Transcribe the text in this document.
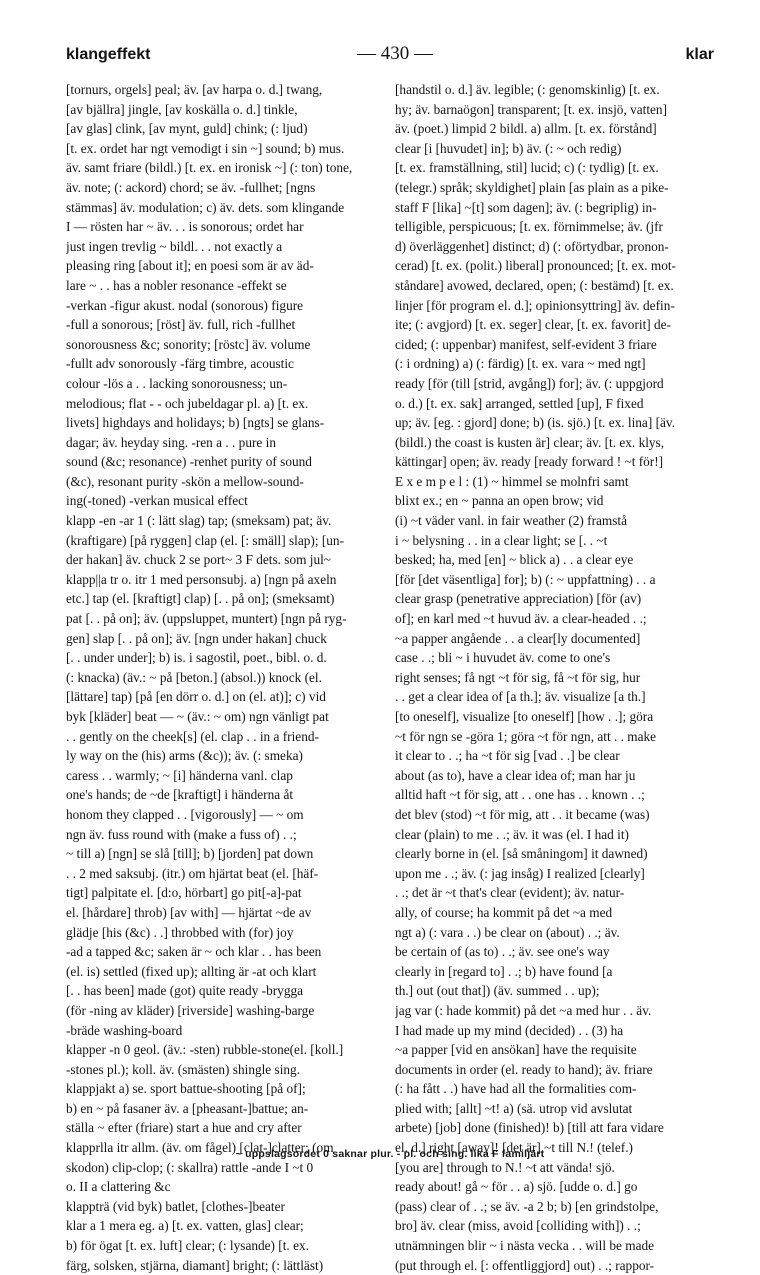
klangeffekt	— 430 —	klar
[tornurs, orgels] peal; äv. [av harpa o. d.] twang,
[av bjällra] jingle, [av koskälla o. d.] tinkle,
[av glas] clink, [av mynt, guld] chink; (: ljud)
[t. ex. ordet har ngt vemodigt i sin ~] sound; b) mus.
äv. samt friare (bildl.) [t. ex. en ironisk ~] (: ton) tone,
äv. note; (: ackord) chord; se äv. -fullhet; [ngns
stämmas] äv. modulation; c) äv. dets. som klingande
I — rösten har ~ äv. . . is sonorous; ordet har
just ingen trevlig ~ bildl. . . not exactly a
pleasing ring [about it]; en poesi som är av äd-
lare ~ . . has a nobler resonance -effekt se
-verkan -figur akust. nodal (sonorous) figure
-full a sonorous; [röst] äv. full, rich -fullhet
sonorousness &c; sonority; [röstс] äv. volume
-fullt adv sonorously -färg timbre, acoustic
colour -lös a . . lacking sonorousness; un-
melodious; flat - - och jubeldagar pl. a) [t. ex.
livets] highdays and holidays; b) [ngts] se glans-
dagar; äv. heyday sing. -ren a . . pure in
sound (&c; resonance) -renhet purity of sound
(&c), resonant purity -skön a mellow-sound-
ing(-toned) -verkan musical effect
klapp -en -ar 1 (: lätt slag) tap; (smeksam) pat; äv.
(kraftigare) [på ryggen] clap (el. [: smäll] slap); [un-
der hakan] äv. chuck 2 se port~ 3 F dets. som jul~
klapp||a tr o. itr 1 med personsubj. a) [ngn på axeln
etc.] tap (el. [kraftigt] clap) [. . på on]; (smeksamt)
pat [. . på on]; äv. (uppsluppet, muntert) [ngn på ryg-
gen] slap [. . på on]; äv. [ngn under hakan] chuck
[. . under under]; b) is. i sagostil, poet., bibl. o. d.
(: knacka) (äv.: ~ på [beton.] (absol.)) knock (el.
[lättare] tap) [på [en dörr o. d.] on (el. at)]; c) vid
byk [kläder] beat — ~ (äv.: ~ om) ngn vänligt pat
. . gently on the cheek[s] (el. clap . . in a friend-
ly way on the (his) arms (&c)); äv. (: smeka)
caress . . warmly; ~ [i] händerna vanl. clap
one's hands; de ~de [kraftigt] i händerna åt
honom they clapped . . [vigorously] — ~ om
ngn äv. fuss round with (make a fuss of) . .;
~ till a) [ngn] se slå [till]; b) [jorden] pat down
. . 2 med saksubj. (itr.) om hjärtat beat (el. [häf-
tigt] palpitate el. [d:o, hörbart] go pit[-a]-pat
el. [hårdare] throb) [av with] — hjärtat ~de av
glädje [his (&c) . .] throbbed with (for) joy
-ad a tapped &c; saken är ~ och klar . . has been
(el. is) settled (fixed up); allting är -at och klart
[. . has been] made (got) quite ready -brygga
(för -ning av kläder) [riverside] washing-barge
-bräde washing-board
klapper -n 0 geol. (äv.: -sten) rubble-stone(el. [koll.]
-stones pl.); koll. äv. (smästen) shingle sing.
klappjakt a) se. sport battue-shooting [på of];
b) en ~ på fasaner äv. a [pheasant-]battue; an-
ställa ~ efter (friare) start a hue and cry after
klapprlla itr allm. (äv. om fågel) [clat-]clatter; (om
skodon) clip-clop; (: skallra) rattle -ande I ~t 0
o. II a clattering &c
klappträ (vid byk) batlet, [clothes-]beater
klar a 1 mera eg. a) [t. ex. vatten, glas] clear;
b) för ögat [t. ex. luft] clear; (: lysande) [t. ex.
färg, solsken, stjärna, diamant] bright; (: lättläst)
[handstil o. d.] äv. legible; (: genomskinlig) [t. ex.
hy; äv. barnaögon] transparent; [t. ex. insjö, vatten]
äv. (poet.) limpid 2 bildl. a) allm. [t. ex. förstånd]
clear [i [huvudet] in]; b) äv. (: ~ och redig)
[t. ex. framställning, stil] lucid; c) (: tydlig) [t. ex.
(telegr.) språk; skyldighet] plain [as plain as a pike-
staff F [lika] ~[t] som dagen]; äv. (: begriplig) in-
telligible, perspicuous; [t. ex. förnimmelse; äv. (jfr
d) överläggenhet] distinct; d) (: oförtydbar, pronon-
cerad) [t. ex. (polit.) liberal] pronounced; [t. ex. mot-
ståndare] avowed, declared, open; (: bestämd) [t. ex.
linjer [för program el. d.]; opinionsyttring] äv. defin-
ite; (: avgjord) [t. ex. seger] clear, [t. ex. favorit] de-
cided; (: uppenbar) manifest, self-evident 3 friare
(: i ordning) a) (: färdig) [t. ex. vara ~ med ngt]
ready [för (till [strid, avgång]) for]; äv. (: uppgjord
o. d.) [t. ex. sak] arranged, settled [up], F fixed
up; äv. [eg. : gjord] done; b) (is. sjö.) [t. ex. lina] [äv.
(bildl.) the coast is kusten är] clear; äv. [t. ex. klys,
kättingar] open; äv. ready [ready forward ! ~t för!]
E x e m p e l : (1) ~ himmel se molnfri samt
blixt ex.; en ~ panna an open brow; vid
(i) ~t väder vanl. in fair weather (2) framstå
i ~ belysning . . in a clear light; se [. . ~t
besked; ha, med [en] ~ blick a) . . a clear eye
[för [det väsentliga] for]; b) (: ~ uppfattning) . . a
clear grasp (penetrative appreciation) [för (av)
of]; en karl med ~t huvud äv. a clear-headed . .;
~a papper angående . . a clear[ly documented]
case . .; bli ~ i huvudet äv. come to one's
right senses; få ngt ~t för sig, få ~t för sig, hur
. . get a clear idea of [a th.]; äv. visualize [a th.]
[to oneself], visualize [to oneself] [how . .]; göra
~t för ngn se -göra 1; göra ~t för ngn, att . . make
it clear to . .; ha ~t för sig [vad . .] be clear
about (as to), have a clear idea of; man har ju
alltid haft ~t för sig, att . . one has . . known . .;
det blev (stod) ~t för mig, att . . it became (was)
clear (plain) to me . .; äv. it was (el. I had it)
clearly borne in (el. [så småningom] it dawned)
upon me . .; äv. (: jag insåg) I realized [clearly]
. .; det är ~t that's clear (evident); äv. natur-
ally, of course; ha kommit på det ~a med
ngt a) (: vara . .) be clear on (about) . .; äv.
be certain of (as to) . .; äv. see one's way
clearly in [regard to] . .; b) have found [a
th.] out (out that]) (äv. summed . . up);
jag var (: hade kommit) på det ~a med hur . . äv.
I had made up my mind (decided) . . (3) ha
~a papper [vid en ansökan] have the requisite
documents in order (el. ready to hand); äv. friare
(: ha fått . .) have had all the formalities com-
plied with; [allt] ~t! a) (sä. utrop vid avslutat
arbete) [job] done (finished)! b) [till att fara vidare
el. d.] right [away]! [det är] ~t till N.! (telef.)
[you are] through to N.! ~t att vända! sjö.
ready about! gå ~ för . . a) sjö. [udde o. d.] go
(pass) clear of . .; se äv. -a 2 b; b) [en grindstolpe,
bro] äv. clear (miss, avoid [colliding with]) . .;
utnämningen blir ~ i nästa vecka . . will be made
(put through el. [: offentliggjord] out) . .; rappor-
~ uppslagsordet 0 saknar plur. - pl. och sing. lika F familjärt
